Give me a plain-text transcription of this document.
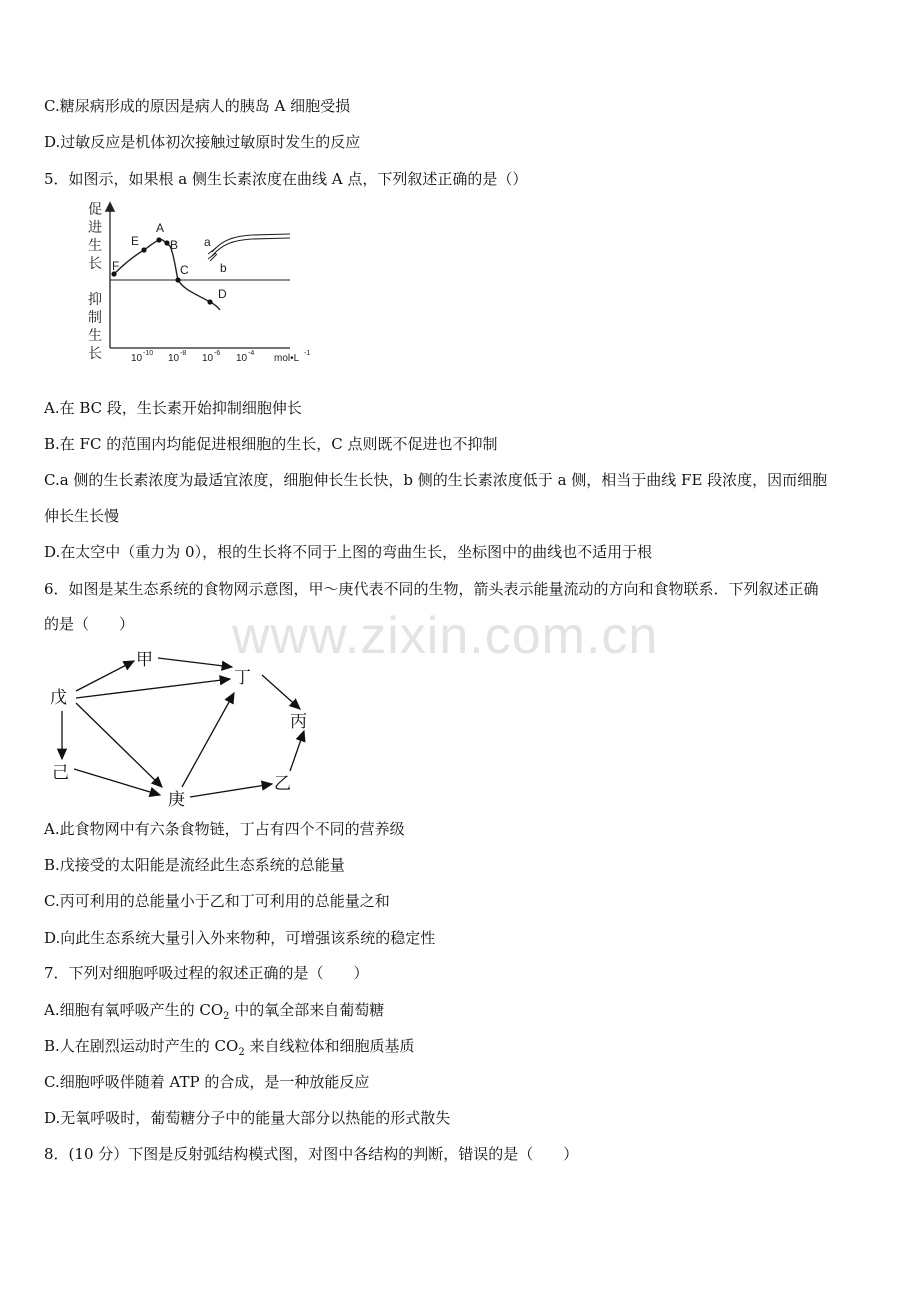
www.zixin.com.cn
C.糖尿病形成的原因是病人的胰岛 A 细胞受损
D.过敏反应是机体初次接触过敏原时发生的反应
5．如图示，如果根 a 侧生长素浓度在曲线 A 点，下列叙述正确的是（）
促
进
生
长
抑
制
生
长
F
E
A
B
C
D
a
b
10 -10 10 -8 10 -6 10 -4 mol•L -1
A.在 BC 段，生长素开始抑制细胞伸长
B.在 FC 的范围内均能促进根细胞的生长，C 点则既不促进也不抑制
C.a 侧的生长素浓度为最适宜浓度，细胞伸长生长快，b 侧的生长素浓度低于 a 侧，相当于曲线 FE 段浓度，因而细胞
伸长生长慢
D.在太空中（重力为 0），根的生长将不同于上图的弯曲生长，坐标图中的曲线也不适用于根
6．如图是某生态系统的食物网示意图，甲～庚代表不同的生物，箭头表示能量流动的方向和食物联系．下列叙述正确
的是（　　）
戊
甲
丁
丙
己
庚
乙
A.此食物网中有六条食物链，丁占有四个不同的营养级
B.戊接受的太阳能是流经此生态系统的总能量
C.丙可利用的总能量小于乙和丁可利用的总能量之和
D.向此生态系统大量引入外来物种，可增强该系统的稳定性
7．下列对细胞呼吸过程的叙述正确的是（　　）
A.细胞有氧呼吸产生的 $CO_2$ 中的氧全部来自葡萄糖
B.人在剧烈运动时产生的 $CO_2$ 来自线粒体和细胞质基质
C.细胞呼吸伴随着 ATP 的合成，是一种放能反应
D.无氧呼吸时，葡萄糖分子中的能量大部分以热能的形式散失
8．(10 分）下图是反射弧结构模式图，对图中各结构的判断，错误的是（　　）
